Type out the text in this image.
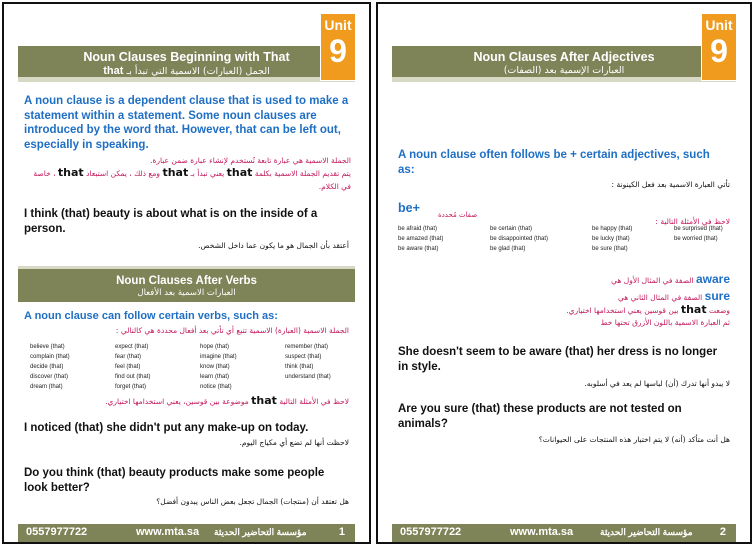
Noun Clauses Beginning with That
الجمل (العبارات) الاسمية التي تبدأ بـ that
Unit
9
A noun clause is a dependent clause that is used to make a statement within a statement. Some noun clauses are introduced by the word that. However, that can be left out, especially in speaking.
الجملة الاسمية هي عبارة تابعة تُستخدم لإنشاء عبارة ضمن عبارة.
يتم تقديم الجملة الاسمية بكلمة that يعني تبدأ بـ that ومع ذلك ، يمكن استبعاد that ، خاصة في الكلام.
I think (that) beauty is about what is on the inside of a person.
أعتقد بأن الجمال هو ما يكون عما داخل الشخص.
Noun Clauses After Verbs
العبارات الاسمية بعد الأفعال
A noun clause can follow certain verbs, such as:
الجملة الاسمية (العبارة) الاسمية تتبع أي تأتي بعد أفعال محددة هي كالتالي :
believe (that)	expect (that)	hope (that)	remember (that)
complain (that)	fear (that)	imagine (that)	suspect (that)
decide (that)	feel (that)	know (that)	think (that)
discover (that)	find out (that)	learn (that)	understand (that)
dream (that)	forget (that)	notice (that)
لاحظ في الأمثلة التالية that موضوعة بين قوسين، يعني استخدامها اختياري.
I noticed (that) she didn't put any make-up on today.
لاحظت أنها لم تضع أي مكياج اليوم.
Do you think (that) beauty products make some people look better?
هل تعتقد أن (منتجات) الجمال تجعل بعض الناس يبدون أفضل؟
0557977722	www.mta.sa مؤسسة التحاضير الحديثة	1
Noun Clauses After Adjectives
العبارات الإسمية بعد (الصفات)
Unit
9
A noun clause often follows be + certain adjectives, such as:
تأتي العبارة الاسمية بعد فعل الكينونة :
be+	صفات مُحددة
لاحظ في الأمثلة التالية :
be afraid (that)	be certain (that)	be happy (that)	be surprised (that)
be amazed (that)	be disappointed (that)	be lucky (that)	be worried (that)
be aware (that)	be glad (that)	be sure (that)
aware الصفة في المثال الأول هي
sure الصفة في المثال الثاني هي
وضعت that بين قوسين يعني استخدامها اختياري.
ثم العبارة الاسمية باللون الأزرق تحتها خط
She doesn't seem to be aware (that) her dress is no longer in style.
لا يبدو أنها تدرك (أن) لباسها لم يعد في أسلوبه.
Are you sure (that) these products are not tested on animals?
هل أنت متأكد (أنه) لا يتم اختبار هذه المنتجات على الحيوانات؟
0557977722	www.mta.sa	مؤسسة التحاضير الحديثة 2
